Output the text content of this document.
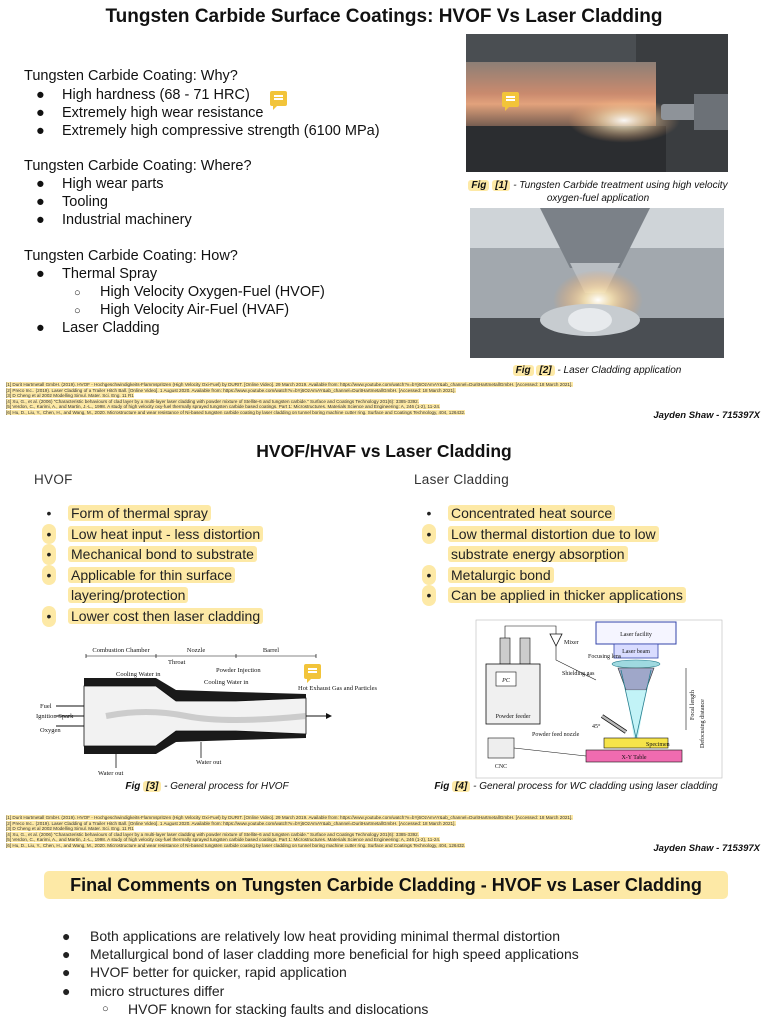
Tungsten Carbide Surface Coatings: HVOF Vs Laser Cladding
Tungsten Carbide Coating: Why?
● High hardness (68 - 71 HRC)
● Extremely high wear resistance
● Extremely high compressive strength (6100 MPa)
Tungsten Carbide Coating: Where?
● High wear parts
● Tooling
● Industrial machinery
Tungsten Carbide Coating: How?
● Thermal Spray
○ High Velocity Oxygen-Fuel (HVOF)
○ High Velocity Air-Fuel (HVAF)
● Laser Cladding
Fig [1] - Tungsten Carbide treatment using high velocity oxygen-fuel application
Fig [2] - Laser Cladding application
[1] Durit Hartmetall GmbH. (2019). HVOF - Hochgeschwindigkeits-Flammspritzen (High Velocity Oxi-Fuel) by DURIT. [Online Video]. 29 March 2019. Available from: https://www.youtube.com/watch?v=bYj6OzAmAY&ab_channel=DuritHartmetallGmbH. [Accessed: 18 March 2021].
[2] Preco Inc.. (2019). Laser Cladding of a Trailer Hitch Ball. [Online Video]. 1 August 2020. Available from: https://www.youtube.com/watch?v=bYj6OzAmAY&ab_channel=DuritHartmetallGmbH. [Accessed: 18 March 2021].
[3] D Cheng et al 2002 Modelling Simul. Mater. Sci. Eng. 11 R1
[4] Xu, G., et al. (2006) "Characteristic behaviours of clad layer by a multi-layer laser cladding with powder mixture of Stellite-6 and tungsten carbide." Surface and Coatings Technology 201(6): 3385-3392.
[5] Verdon, C., Karimi, A., and Martin, J.-L., 1998. A study of high velocity oxy-fuel thermally sprayed tungsten carbide based coatings. Part 1: Microstructures. Materials Science and Engineering: A, 246 (1-2), 11-24.
[6] Hu, D., Liu, Y., Chen, H., and Wang, M., 2020. Microstructure and wear resistance of Ni-based tungsten carbide coating by laser cladding on tunnel boring machine cutter ring. Surface and Coatings Technology, 404, 126432.	Jayden Shaw - 715397X
HVOF/HVAF vs Laser Cladding
HVOF	Laser Cladding
•	Form of thermal spray
•	Low heat input - less distortion
•	Mechanical bond to substrate
•	Applicable for thin surface
layering/protection
•	Lower cost then laser cladding
•	Concentrated heat source
•	Low thermal distortion due to low
substrate energy absorption
•	Metalurgic bond
•	Can be applied in thicker applications
Combustion Chamber	Nozzle	Barrel
Throat
Powder Injection
Cooling Water in
Cooling Water in
Fuel
Ignition Spark
Oxygen
Hot Exhaust Gas and Particles
Water out
Water out
Laser facility
Laser beam
Focusing lens
Shielding gas
Focal length Defocusing distance
Mixer
PC
Powder feeder
Powder feed nozzle
45°
Specimen
X-Y Table
CNC
Fig [3] - General process for HVOF	Fig [4] - General process for WC cladding using laser cladding
[1] Durit Hartmetall GmbH. (2019). HVOF - Hochgeschwindigkeits-Flammspritzen (High Velocity Oxi-Fuel) by DURIT. [Online Video]. 29 March 2019. Available from: https://www.youtube.com/watch?v=bYj6OzAmAY&ab_channel=DuritHartmetallGmbH. [Accessed: 18 March 2021].
[2] Preco Inc.. (2019). Laser Cladding of a Trailer Hitch Ball. [Online Video]. 1 August 2020. Available from: https://www.youtube.com/watch?v=bYj6OzAmAY&ab_channel=DuritHartmetallGmbH. [Accessed: 18 March 2021].
[3] D Cheng et al 2002 Modelling Simul. Mater. Sci. Eng. 11 R1
[4] Xu, G., et al. (2006) "Characteristic behaviours of clad layer by a multi-layer laser cladding with powder mixture of Stellite-6 and tungsten carbide." Surface and Coatings Technology 201(6): 3385-3392.
[5] Verdon, C., Karimi, A., and Martin, J.-L., 1998. A study of high velocity oxy-fuel thermally sprayed tungsten carbide based coatings. Part 1: Microstructures. Materials Science and Engineering: A, 246 (1-2), 11-24.
[6] Hu, D., Liu, Y., Chen, H., and Wang, M., 2020. Microstructure and wear resistance of Ni-based tungsten carbide coating by laser cladding on tunnel boring machine cutter ring. Surface and Coatings Technology, 404, 126432.	Jayden Shaw - 715397X
Final Comments on Tungsten Carbide Cladding - HVOF vs Laser Cladding
● Both applications are relatively low heat providing minimal thermal distortion
● Metallurgical bond of laser cladding more beneficial for high speed applications
● HVOF better for quicker, rapid application
● micro structures differ
○ HVOF known for stacking faults and dislocations
